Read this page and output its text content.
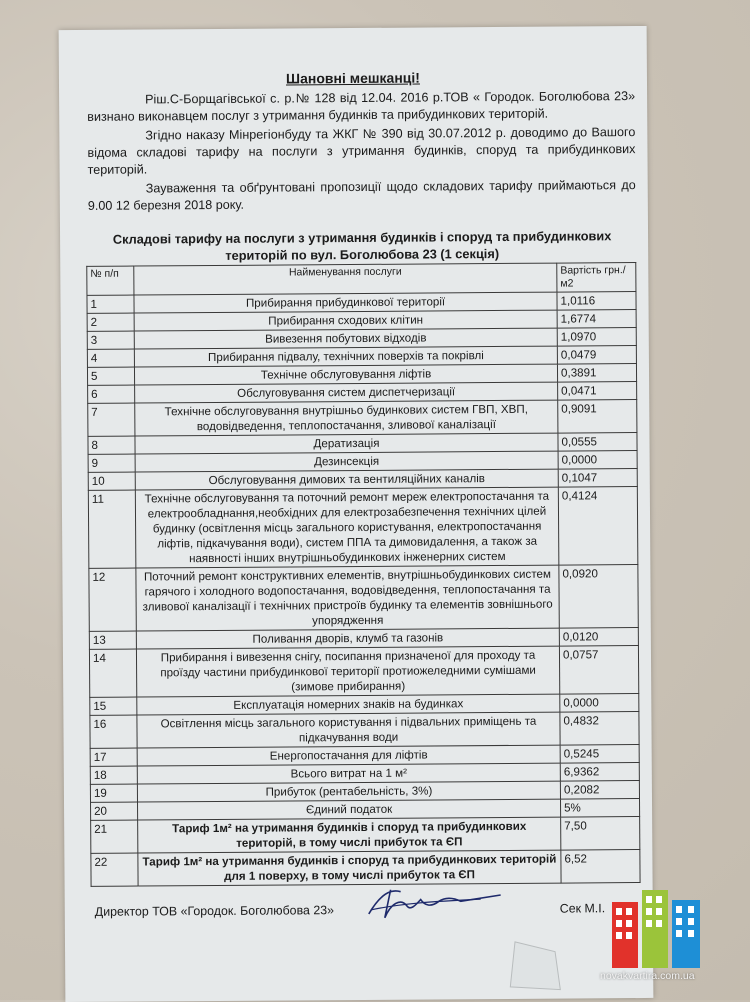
Шановні мешканці!

Ріш.С-Борщагівської с. р.№ 128 від 12.04. 2016 р.ТОВ « Городок. Боголюбова 23» визнано виконавцем послуг з утримання будинків та прибудинкових територій.

Згідно наказу Мінрегіонбуду та ЖКГ № 390 від 30.07.2012 р. доводимо до Вашого відома складові тарифу на послуги з утримання будинків, споруд та прибудинкових територій.

Зауваження та обґрунтовані пропозиції щодо складових тарифу приймаються до 9.00 12 березня 2018 року.

Складові тарифу на послуги з утримання будинків і споруд та прибудинкових територій по вул. Боголюбова 23 (1 секція)
№ п/п	Найменування послуги	Вартість грн./м2
1	Прибирання прибудинкової території	1,0116
2	Прибирання сходових клітин	1,6774
3	Вивезення побутових відходів	1,0970
4	Прибирання підвалу, технічних поверхів та покрівлі	0,0479
5	Технічне обслуговування ліфтів	0,3891
6	Обслуговування систем диспетчеризації	0,0471
7	Технічне обслуговування внутрішньо будинкових систем ГВП, ХВП, водовідведення, теплопостачання, зливової каналізації	0,9091
8	Дератизація	0,0555
9	Дезинсекція	0,0000
10	Обслуговування димових та вентиляційних каналів	0,1047
11	Технічне обслуговування та поточний ремонт мереж електропостачання та електрообладнання,необхідних для електрозабезпечення технічних цілей будинку (освітлення місць загального користування, електропостачання ліфтів, підкачування води), систем ППА та димовидалення, а також за наявності інших внутрішньобудинкових інженерних систем	0,4124
12	Поточний ремонт конструктивних елементів, внутрішньобудинкових систем гарячого і холодного водопостачання, водовідведення, теплопостачання та зливової каналізації і технічних пристроїв будинку та елементів зовнішнього упорядження	0,0920
13	Поливання дворів, клумб та газонів	0,0120
14	Прибирання і вивезення снігу, посипання призначеної для проходу та проїзду частини прибудинкової території протиожеледними сумішами (зимове прибирання)	0,0757
15	Експлуатація номерних знаків на будинках	0,0000
16	Освітлення місць загального користування і підвальних приміщень та підкачування води	0,4832
17	Енергопостачання для ліфтів	0,5245
18	Всього витрат на 1 м²	6,9362
19	Прибуток (рентабельність, 3%)	0,2082
20	Єдиний податок	5%
21	Тариф 1м² на утримання будинків і споруд та прибудинкових територій, в тому числі прибуток та ЄП	7,50
22	Тариф 1м² на утримання будинків і споруд та прибудинкових територій для 1 поверху, в тому числі прибуток та ЄП	6,52
Директор ТОВ «Городок. Боголюбова 23»	Сек М.І.
novakvartira.com.ua
